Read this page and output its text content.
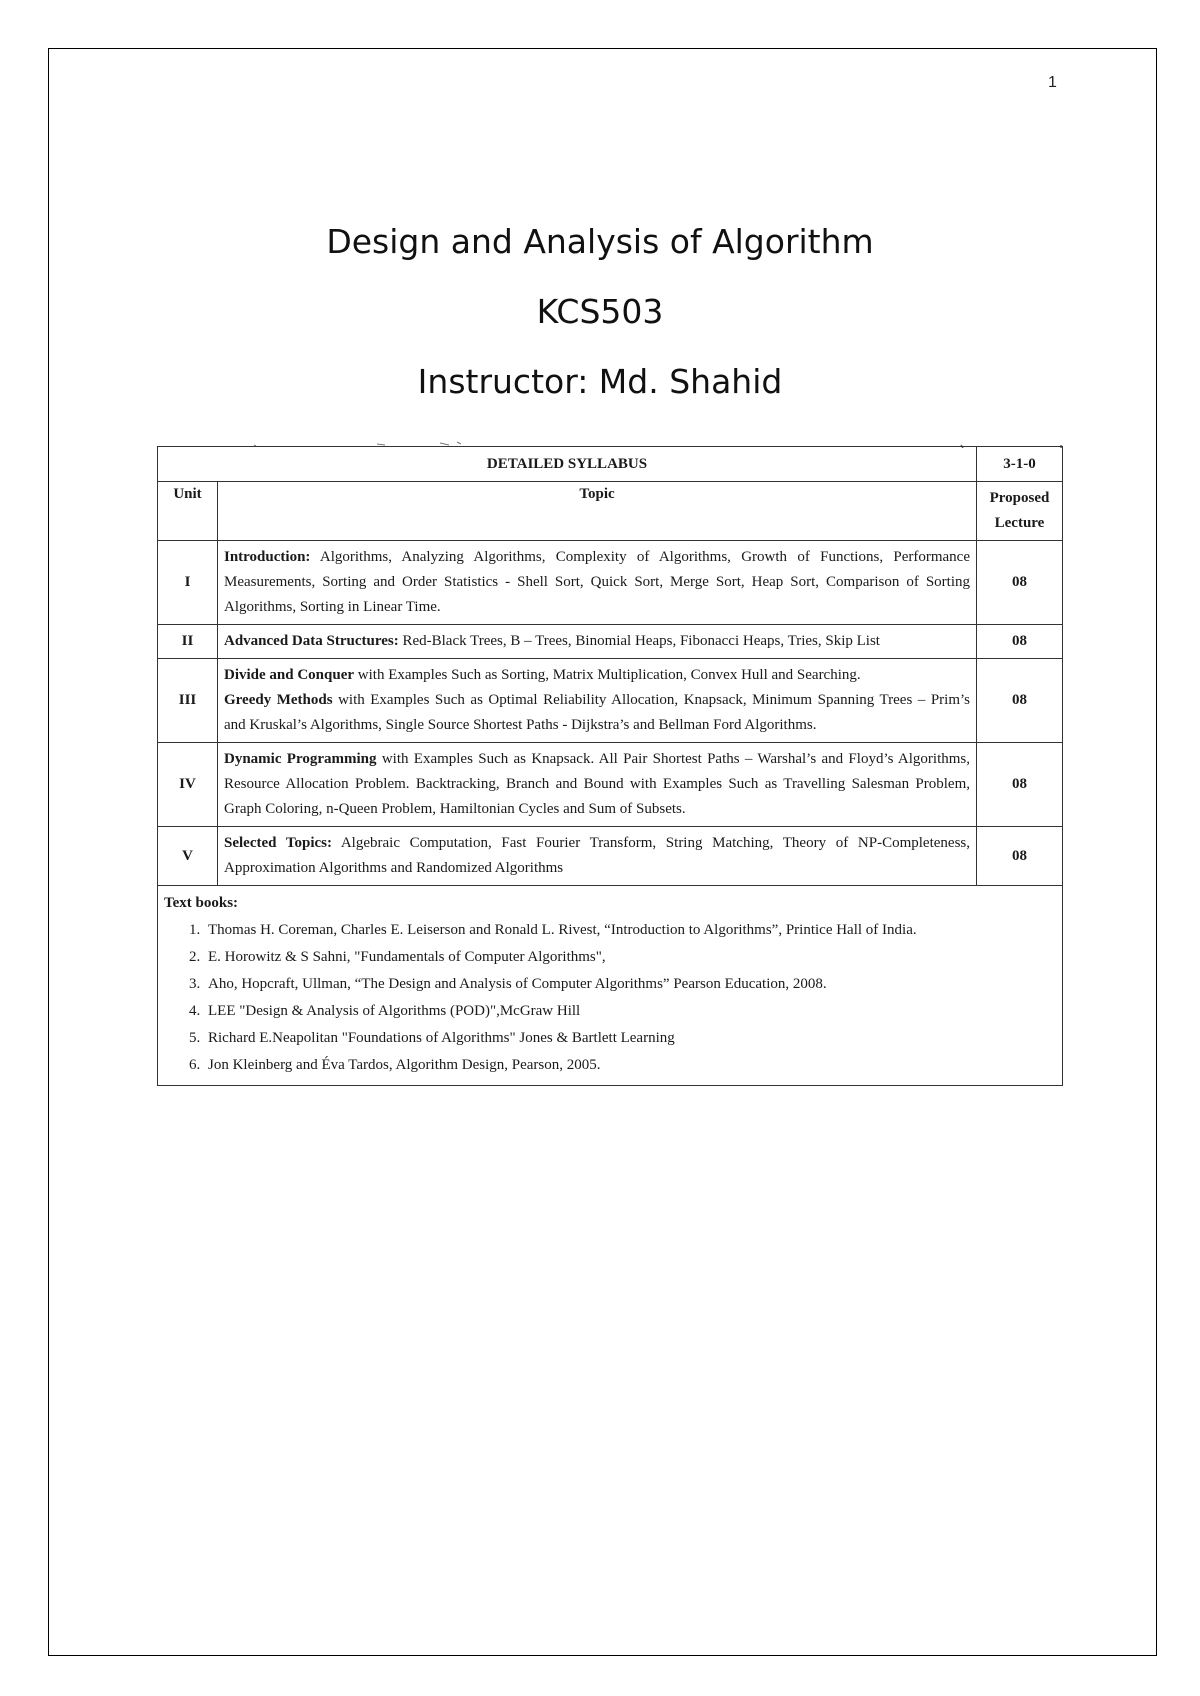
1
Design and Analysis of Algorithm
KCS503
Instructor: Md. Shahid
DETAILED SYLLABUS		3-1-0
Unit	Topic	Proposed Lecture
I	Introduction: Algorithms, Analyzing Algorithms, Complexity of Algorithms, Growth of Functions, Performance Measurements, Sorting and Order Statistics - Shell Sort, Quick Sort, Merge Sort, Heap Sort, Comparison of Sorting Algorithms, Sorting in Linear Time.	08
II	Advanced Data Structures: Red-Black Trees, B – Trees, Binomial Heaps, Fibonacci Heaps, Tries, Skip List	08
III	Divide and Conquer with Examples Such as Sorting, Matrix Multiplication, Convex Hull and Searching.
Greedy Methods with Examples Such as Optimal Reliability Allocation, Knapsack, Minimum Spanning Trees – Prim’s and Kruskal’s Algorithms, Single Source Shortest Paths - Dijkstra’s and Bellman Ford Algorithms.	08
IV	Dynamic Programming with Examples Such as Knapsack. All Pair Shortest Paths – Warshal’s and Floyd’s Algorithms, Resource Allocation Problem. Backtracking, Branch and Bound with Examples Such as Travelling Salesman Problem, Graph Coloring, n-Queen Problem, Hamiltonian Cycles and Sum of Subsets.	08
V	Selected Topics: Algebraic Computation, Fast Fourier Transform, String Matching, Theory of NP-Completeness, Approximation Algorithms and Randomized Algorithms	08
Text books:
1. Thomas H. Coreman, Charles E. Leiserson and Ronald L. Rivest, “Introduction to Algorithms”, Printice Hall of India.
2. E. Horowitz & S Sahni, "Fundamentals of Computer Algorithms",
3. Aho, Hopcraft, Ullman, “The Design and Analysis of Computer Algorithms” Pearson Education, 2008.
4. LEE "Design & Analysis of Algorithms (POD)",McGraw Hill
5. Richard E.Neapolitan "Foundations of Algorithms" Jones & Bartlett Learning
6. Jon Kleinberg and Éva Tardos, Algorithm Design, Pearson, 2005.
